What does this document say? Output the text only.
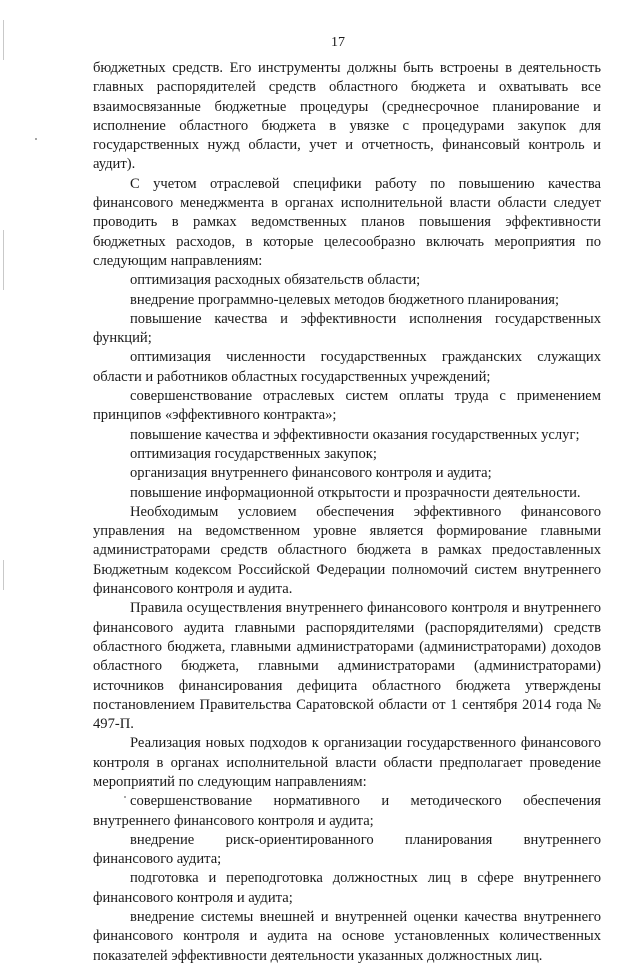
17

бюджетных средств. Его инструменты должны быть встроены в деятельность главных распорядителей средств областного бюджета и охватывать все взаимосвязанные бюджетные процедуры (среднесрочное планирование и исполнение областного бюджета в увязке с процедурами закупок для государственных нужд области, учет и отчетность, финансовый контроль и аудит).

С учетом отраслевой специфики работу по повышению качества финансового менеджмента в органах исполнительной власти области следует проводить в рамках ведомственных планов повышения эффективности бюджетных расходов, в которые целесообразно включать мероприятия по следующим направлениям:

оптимизация расходных обязательств области;

внедрение программно-целевых методов бюджетного планирования;

повышение качества и эффективности исполнения государственных функций;

оптимизация численности государственных гражданских служащих области и работников областных государственных учреждений;

совершенствование отраслевых систем оплаты труда с применением принципов «эффективного контракта»;

повышение качества и эффективности оказания государственных услуг;

оптимизация государственных закупок;

организация внутреннего финансового контроля и аудита;

повышение информационной открытости и прозрачности деятельности.

Необходимым условием обеспечения эффективного финансового управления на ведомственном уровне является формирование главными администраторами средств областного бюджета в рамках предоставленных Бюджетным кодексом Российской Федерации полномочий систем внутреннего финансового контроля и аудита.

Правила осуществления внутреннего финансового контроля и внутреннего финансового аудита главными распорядителями (распорядителями) средств областного бюджета, главными администраторами (администраторами) доходов областного бюджета, главными администраторами (администраторами) источников финансирования дефицита областного бюджета утверждены постановлением Правительства Саратовской области от 1 сентября 2014 года № 497-П.

Реализация новых подходов к организации государственного финансового контроля в органах исполнительной власти области предполагает проведение мероприятий по следующим направлениям:

совершенствование нормативного и методического обеспечения внутреннего финансового контроля и аудита;

внедрение риск-ориентированного планирования внутреннего финансового аудита;

подготовка и переподготовка должностных лиц в сфере внутреннего финансового контроля и аудита;

внедрение системы внешней и внутренней оценки качества внутреннего финансового контроля и аудита на основе установленных количественных показателей эффективности деятельности указанных должностных лиц.
